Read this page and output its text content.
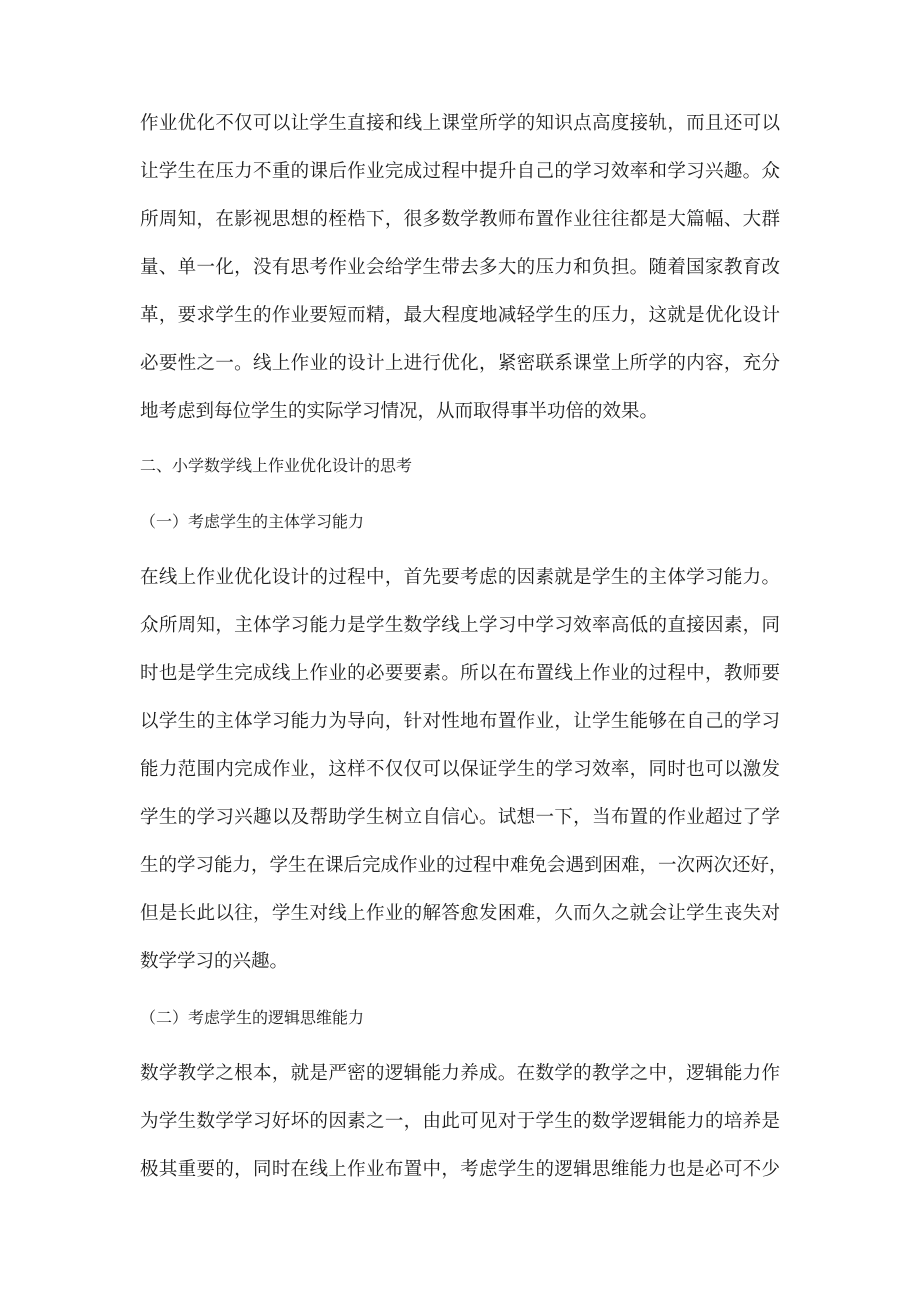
作业优化不仅可以让学生直接和线上课堂所学的知识点高度接轨，而且还可以
让学生在压力不重的课后作业完成过程中提升自己的学习效率和学习兴趣。众
所周知，在影视思想的桎梏下，很多数学教师布置作业往往都是大篇幅、大群
量、单一化，没有思考作业会给学生带去多大的压力和负担。随着国家教育改
革，要求学生的作业要短而精，最大程度地减轻学生的压力，这就是优化设计
必要性之一。线上作业的设计上进行优化，紧密联系课堂上所学的内容，充分
地考虑到每位学生的实际学习情况，从而取得事半功倍的效果。
二、小学数学线上作业优化设计的思考
（一）考虑学生的主体学习能力
在线上作业优化设计的过程中，首先要考虑的因素就是学生的主体学习能力。
众所周知，主体学习能力是学生数学线上学习中学习效率高低的直接因素，同
时也是学生完成线上作业的必要要素。所以在布置线上作业的过程中，教师要
以学生的主体学习能力为导向，针对性地布置作业，让学生能够在自己的学习
能力范围内完成作业，这样不仅仅可以保证学生的学习效率，同时也可以激发
学生的学习兴趣以及帮助学生树立自信心。试想一下，当布置的作业超过了学
生的学习能力，学生在课后完成作业的过程中难免会遇到困难，一次两次还好，
但是长此以往，学生对线上作业的解答愈发困难，久而久之就会让学生丧失对
数学学习的兴趣。
（二）考虑学生的逻辑思维能力
数学教学之根本，就是严密的逻辑能力养成。在数学的教学之中，逻辑能力作
为学生数学学习好坏的因素之一，由此可见对于学生的数学逻辑能力的培养是
极其重要的，同时在线上作业布置中，考虑学生的逻辑思维能力也是必可不少
